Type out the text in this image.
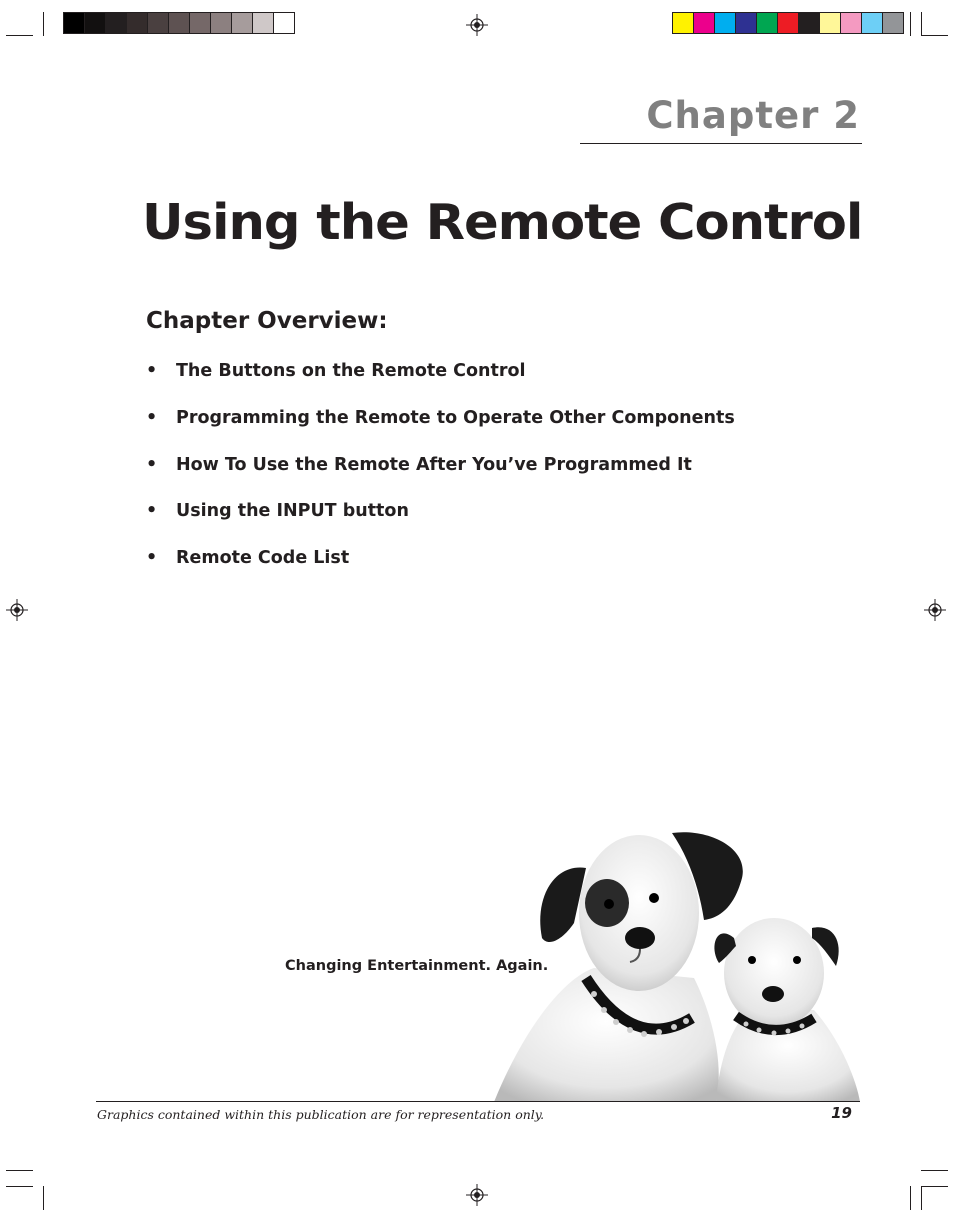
Chapter 2
Using the Remote Control
Chapter Overview:
• The Buttons on the Remote Control
• Programming the Remote to Operate Other Components
• How To Use the Remote After You’ve Programmed It
• Using the INPUT button
• Remote Code List

Changing Entertainment. Again.

Graphics contained within this publication are for representation only.	19
